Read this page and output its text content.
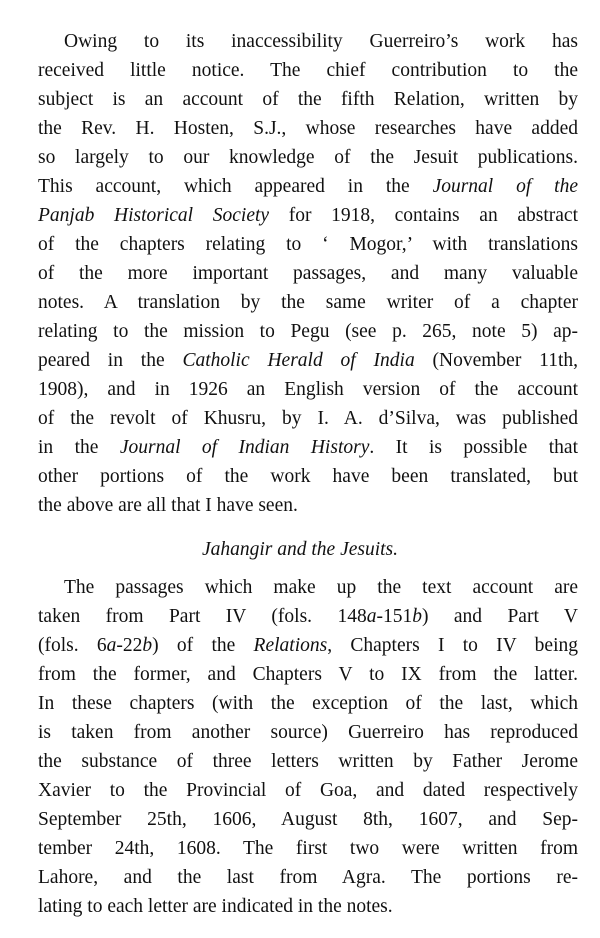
Owing to its inaccessibility Guerreiro’s work has
received little notice. The chief contribution to the
subject is an account of the fifth Relation, written by
the Rev. H. Hosten, S.J., whose researches have added
so largely to our knowledge of the Jesuit publications.
This account, which appeared in the Journal of the
Panjab Historical Society for 1918, contains an abstract
of the chapters relating to ‘ Mogor,’ with translations
of the more important passages, and many valuable
notes. A translation by the same writer of a chapter
relating to the mission to Pegu (see p. 265, note 5) ap-
peared in the Catholic Herald of India (November 11th,
1908), and in 1926 an English version of the account
of the revolt of Khusru, by I. A. d’Silva, was published
in the Journal of Indian History. It is possible that
other portions of the work have been translated, but
the above are all that I have seen.
Jahangir and the Jesuits.
The passages which make up the text account are
taken from Part IV (fols. 148a-151b) and Part V
(fols. 6a-22b) of the Relations, Chapters I to IV being
from the former, and Chapters V to IX from the latter.
In these chapters (with the exception of the last, which
is taken from another source) Guerreiro has reproduced
the substance of three letters written by Father Jerome
Xavier to the Provincial of Goa, and dated respectively
September 25th, 1606, August 8th, 1607, and Sep-
tember 24th, 1608. The first two were written from
Lahore, and the last from Agra. The portions re-
lating to each letter are indicated in the notes.
